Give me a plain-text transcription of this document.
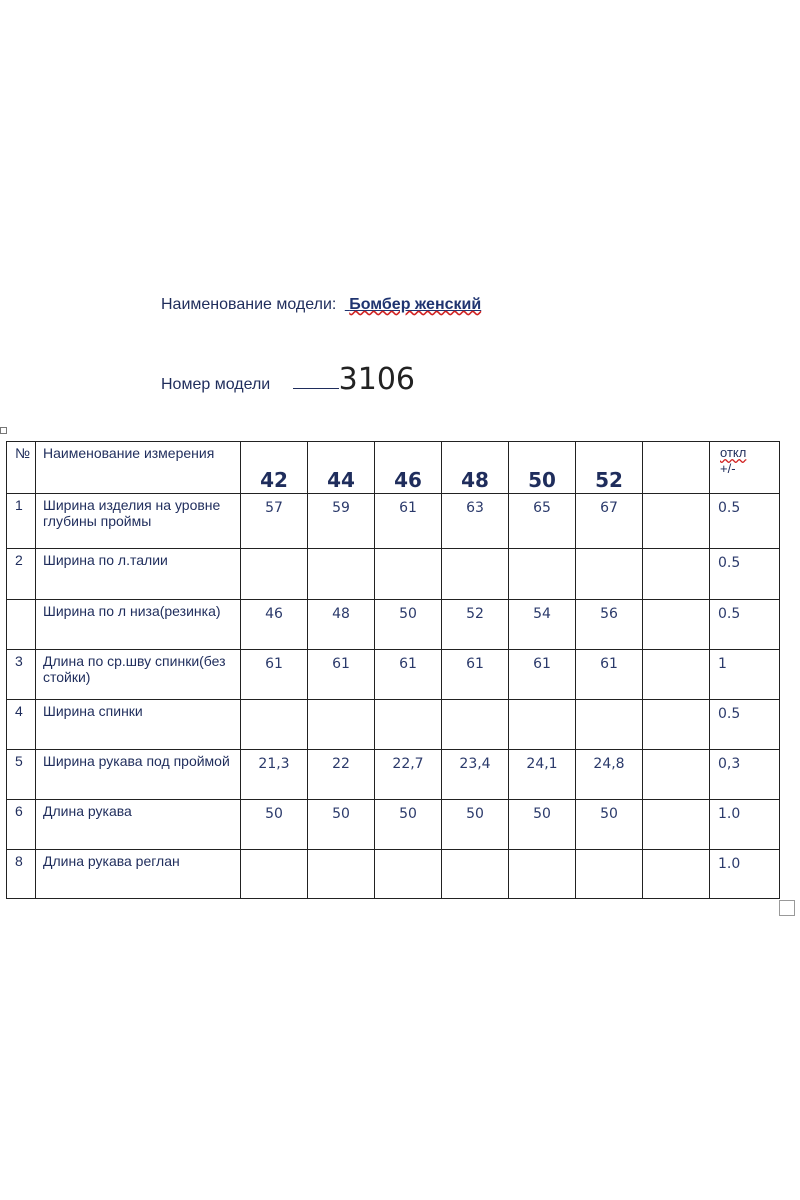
Наименование модели: Бомбер женский
Номер модели 3106
№	Наименование измерения	42	44	46	48	50	52		откл
+/-
1	Ширина изделия на уровне глубины проймы	57	59	61	63	65	67		0.5
2	Ширина по л.талии								0.5
	Ширина по л низа(резинка)	46	48	50	52	54	56		0.5
3	Длина по ср.шву спинки(без стойки)	61	61	61	61	61	61		1
4	Ширина спинки								0.5
5	Ширина рукава под проймой	21,3	22	22,7	23,4	24,1	24,8		0,3
6	Длина рукава	50	50	50	50	50	50		1.0
8	Длина рукава реглан								1.0
